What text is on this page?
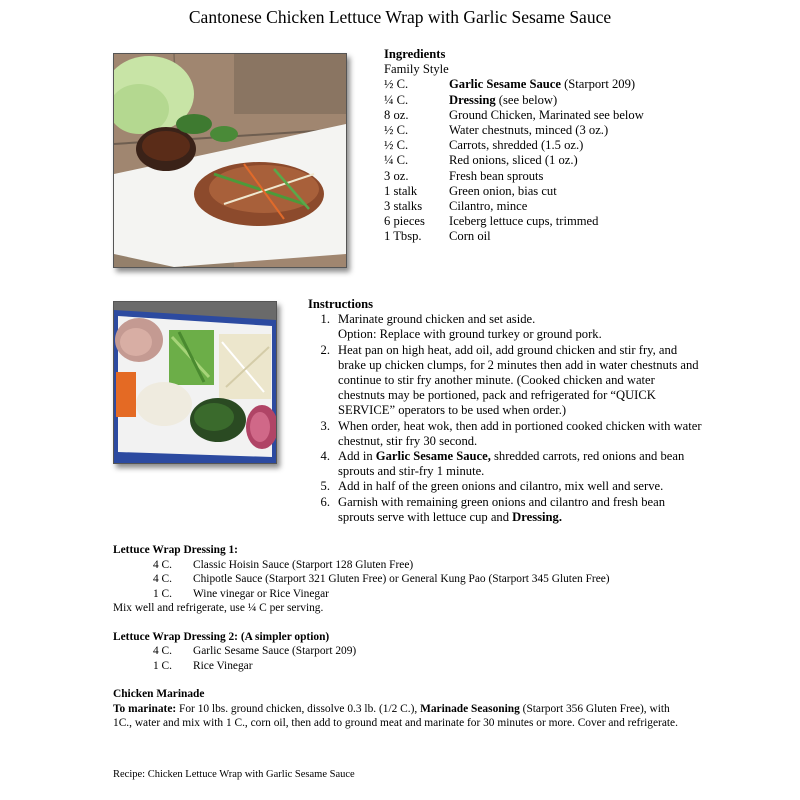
Cantonese Chicken Lettuce Wrap with Garlic Sesame Sauce
Ingredients
Family Style
½ C.	Garlic Sesame Sauce (Starport 209)
¼ C.	Dressing (see below)
8 oz.	Ground Chicken, Marinated see below
½ C.	Water chestnuts, minced (3 oz.)
½ C.	Carrots, shredded (1.5 oz.)
¼ C.	Red onions, sliced (1 oz.)
3 oz.	Fresh bean sprouts
1 stalk	Green onion, bias cut
3 stalks	Cilantro, mince
6 pieces	Iceberg lettuce cups, trimmed
1 Tbsp.	Corn oil
Instructions
1. Marinate ground chicken and set aside.
Option: Replace with ground turkey or ground pork.
2. Heat pan on high heat, add oil, add ground chicken and stir fry, and brake up chicken clumps, for 2 minutes then add in water chestnuts and continue to stir fry another minute. (Cooked chicken and water chestnuts may be portioned, pack and refrigerated for “QUICK SERVICE” operators to be used when order.)
3. When order, heat wok, then add in portioned cooked chicken with water chestnut, stir fry 30 second.
4. Add in Garlic Sesame Sauce, shredded carrots, red onions and bean sprouts and stir-fry 1 minute.
5. Add in half of the green onions and cilantro, mix well and serve.
6. Garnish with remaining green onions and cilantro and fresh bean sprouts serve with lettuce cup and Dressing.
Lettuce Wrap Dressing 1:
4 C.	Classic Hoisin Sauce (Starport 128 Gluten Free)
4 C.	Chipotle Sauce (Starport 321 Gluten Free) or General Kung Pao (Starport 345 Gluten Free)
1 C.	Wine vinegar or Rice Vinegar
Mix well and refrigerate, use ¼ C per serving.
Lettuce Wrap Dressing 2: (A simpler option)
4 C.	Garlic Sesame Sauce (Starport 209)
1 C.	Rice Vinegar
Chicken Marinade
To marinate: For 10 lbs. ground chicken, dissolve 0.3 lb. (1/2 C.), Marinade Seasoning (Starport 356 Gluten Free), with 1C., water and mix with 1 C., corn oil, then add to ground meat and marinate for 30 minutes or more. Cover and refrigerate.
Recipe: Chicken Lettuce Wrap with Garlic Sesame Sauce
